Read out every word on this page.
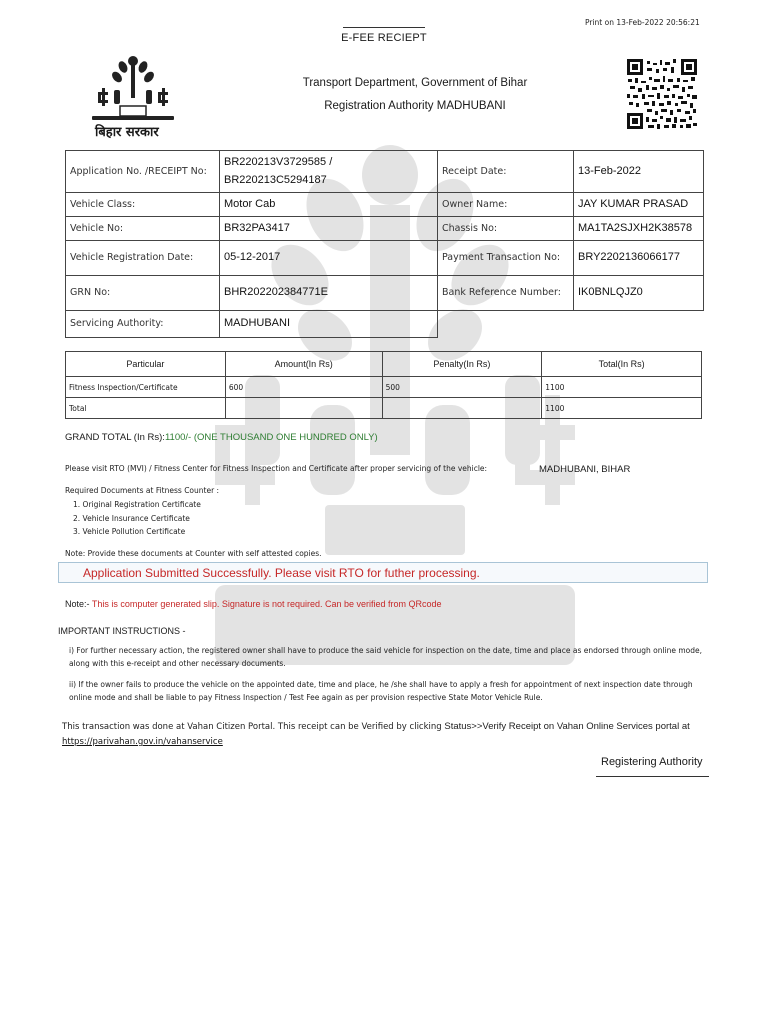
Print on 13-Feb-2022 20:56:21
E-FEE RECIEPT
Transport Department, Government of Bihar
Registration Authority MADHUBANI
बिहार सरकार
Application No. /RECEIPT No:	BR220213V3729585 / BR220213C5294187	Receipt Date:	13-Feb-2022
Vehicle Class:	Motor Cab	Owner Name:	JAY KUMAR PRASAD
Vehicle No:	BR32PA3417	Chassis No:	MA1TA2SJXH2K38578
Vehicle Registration Date:	05-12-2017	Payment Transaction No:	BRY2202136066177
GRN No:	BHR202202384771E	Bank Reference Number:	IK0BNLQJZ0
Servicing Authority:	MADHUBANI		
Particular	Amount(In Rs)	Penalty(In Rs)	Total(In Rs)
Fitness Inspection/Certificate	600	500	1100
Total			1100
GRAND TOTAL (In Rs):1100/- (ONE THOUSAND ONE HUNDRED ONLY)
Please visit RTO (MVI) / Fitness Center for Fitness Inspection and Certificate after proper servicing of the vehicle:	MADHUBANI, BIHAR
Required Documents at Fitness Counter :
1. Original Registration Certificate
2. Vehicle Insurance Certificate
3. Vehicle Pollution Certificate
Note: Provide these documents at Counter with self attested copies.
Application Submitted Successfully. Please visit RTO for futher processing.
Note:- This is computer generated slip. Signature is not required. Can be verified from QRcode
IMPORTANT INSTRUCTIONS -
i) For further necessary action, the registered owner shall have to produce the said vehicle for inspection on the date, time and place as endorsed through online mode, along with this e-receipt and other necessary documents.
ii) If the owner fails to produce the vehicle on the appointed date, time and place, he /she shall have to apply a fresh for appointment of next inspection date through online mode and shall be liable to pay Fitness Inspection / Test Fee again as per provision respective State Motor Vehicle Rule.
This transaction was done at Vahan Citizen Portal. This receipt can be Verified by clicking Status>>Verify Receipt on Vahan Online Services portal at
https://parivahan.gov.in/vahanservice
Registering Authority
